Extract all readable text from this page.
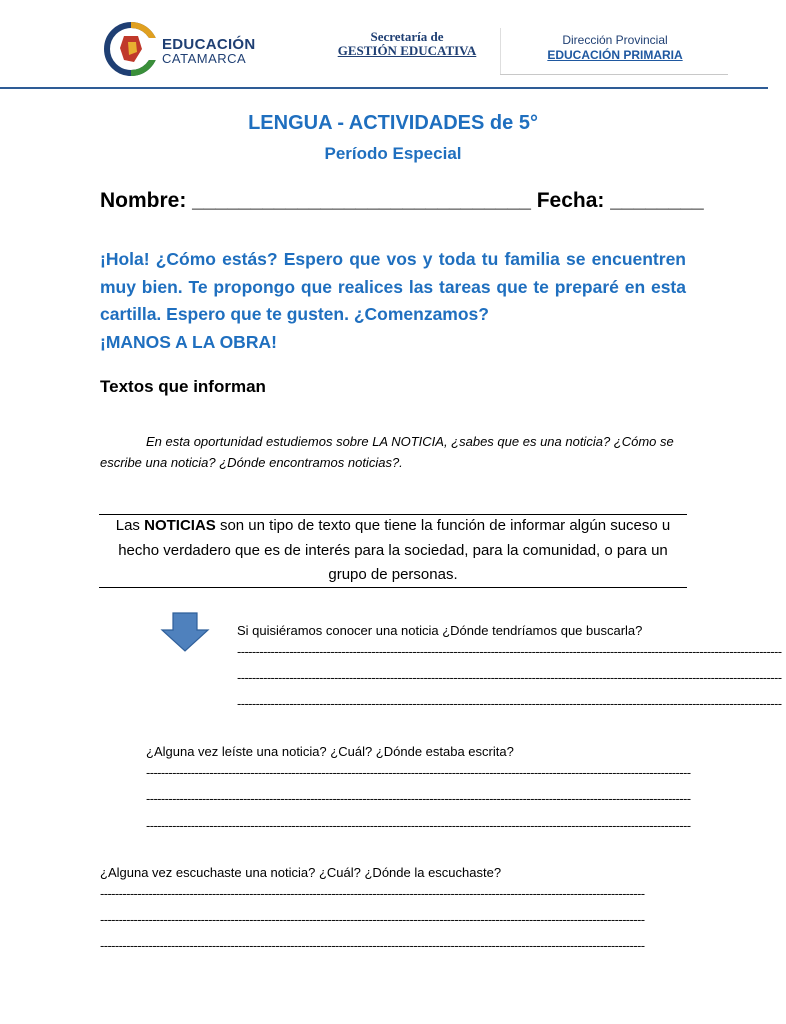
EDUCACIÓN
CATAMARCA
Secretaría de
GESTIÓN EDUCATIVA
Dirección Provincial
EDUCACIÓN PRIMARIA
LENGUA - ACTIVIDADES de 5°
Período Especial
Nombre: _____________________________ Fecha: ________

¡Hola! ¿Cómo estás? Espero que vos y toda tu familia se encuentren muy bien. Te propongo que realices las tareas que te preparé en esta cartilla. Espero que te gusten. ¿Comenzamos?

¡MANOS A LA OBRA!

Textos que informan
En esta oportunidad estudiemos sobre LA NOTICIA, ¿sabes que es una noticia? ¿Cómo se escribe una noticia? ¿Dónde encontramos noticias?.
Las NOTICIAS son un tipo de texto que tiene la función de informar algún suceso u hecho verdadero que es de interés para la sociedad, para la comunidad, o para un grupo de personas.
Si quisiéramos conocer una noticia ¿Dónde tendríamos que buscarla?
--------------------------------------------------------------------------------------------------------------------------------------------------
--------------------------------------------------------------------------------------------------------------------------------------------------
--------------------------------------------------------------------------------------------------------------------------------------------------
¿Alguna vez leíste una noticia? ¿Cuál? ¿Dónde estaba escrita?
--------------------------------------------------------------------------------------------------------------------------------------------------
--------------------------------------------------------------------------------------------------------------------------------------------------
--------------------------------------------------------------------------------------------------------------------------------------------------
¿Alguna vez escuchaste una noticia? ¿Cuál? ¿Dónde la escuchaste?
--------------------------------------------------------------------------------------------------------------------------------------------------
--------------------------------------------------------------------------------------------------------------------------------------------------
--------------------------------------------------------------------------------------------------------------------------------------------------
